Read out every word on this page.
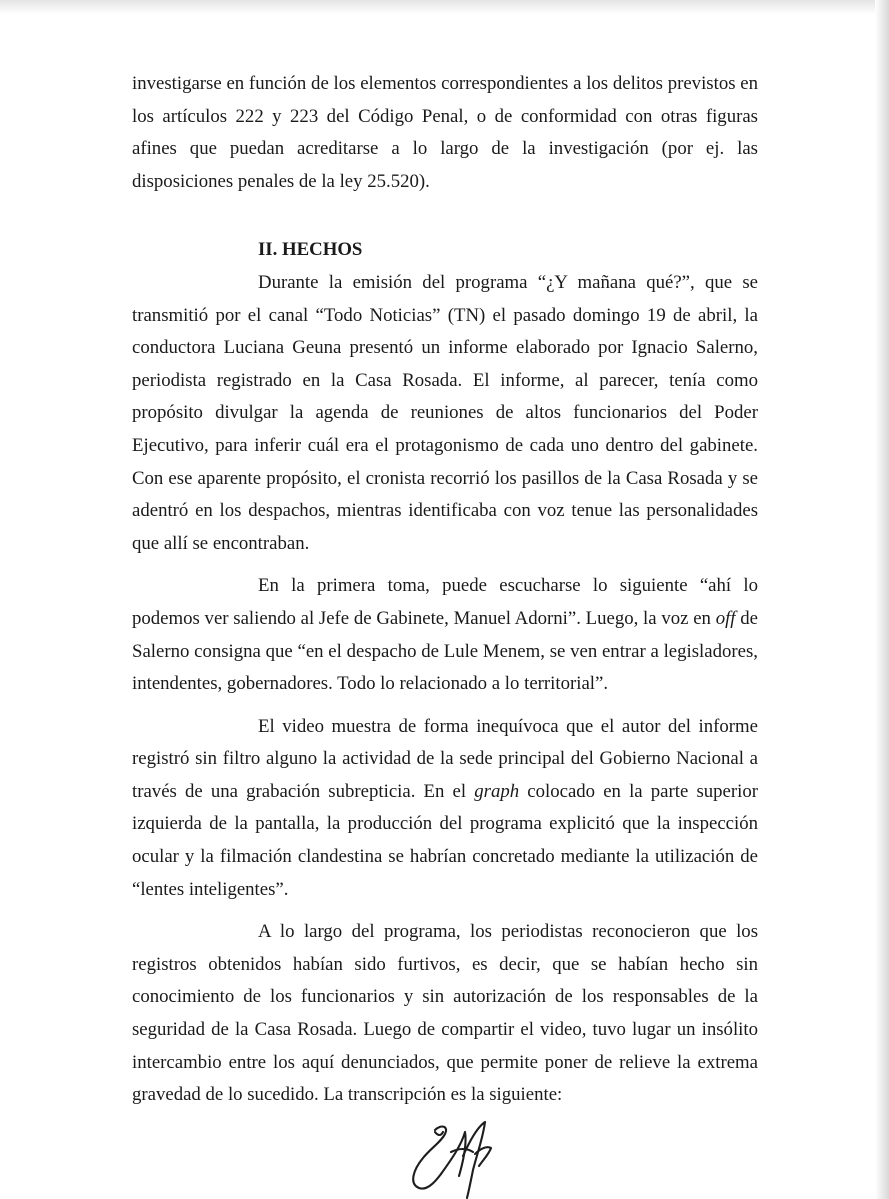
investigarse en función de los elementos correspondientes a los delitos previstos en los artículos 222 y 223 del Código Penal, o de conformidad con otras figuras afines que puedan acreditarse a lo largo de la investigación (por ej. las disposiciones penales de la ley 25.520).

II. HECHOS

Durante la emisión del programa “¿Y mañana qué?”, que se transmitió por el canal “Todo Noticias” (TN) el pasado domingo 19 de abril, la conductora Luciana Geuna presentó un informe elaborado por Ignacio Salerno, periodista registrado en la Casa Rosada. El informe, al parecer, tenía como propósito divulgar la agenda de reuniones de altos funcionarios del Poder Ejecutivo, para inferir cuál era el protagonismo de cada uno dentro del gabinete. Con ese aparente propósito, el cronista recorrió los pasillos de la Casa Rosada y se adentró en los despachos, mientras identificaba con voz tenue las personalidades que allí se encontraban.

En la primera toma, puede escucharse lo siguiente “ahí lo podemos ver saliendo al Jefe de Gabinete, Manuel Adorni”. Luego, la voz en off de Salerno consigna que “en el despacho de Lule Menem, se ven entrar a legisladores, intendentes, gobernadores. Todo lo relacionado a lo territorial”.

El video muestra de forma inequívoca que el autor del informe registró sin filtro alguno la actividad de la sede principal del Gobierno Nacional a través de una grabación subrepticia. En el graph colocado en la parte superior izquierda de la pantalla, la producción del programa explicitó que la inspección ocular y la filmación clandestina se habrían concretado mediante la utilización de “lentes inteligentes”.

A lo largo del programa, los periodistas reconocieron que los registros obtenidos habían sido furtivos, es decir, que se habían hecho sin conocimiento de los funcionarios y sin autorización de los responsables de la seguridad de la Casa Rosada. Luego de compartir el video, tuvo lugar un insólito intercambio entre los aquí denunciados, que permite poner de relieve la extrema gravedad de lo sucedido. La transcripción es la siguiente:
